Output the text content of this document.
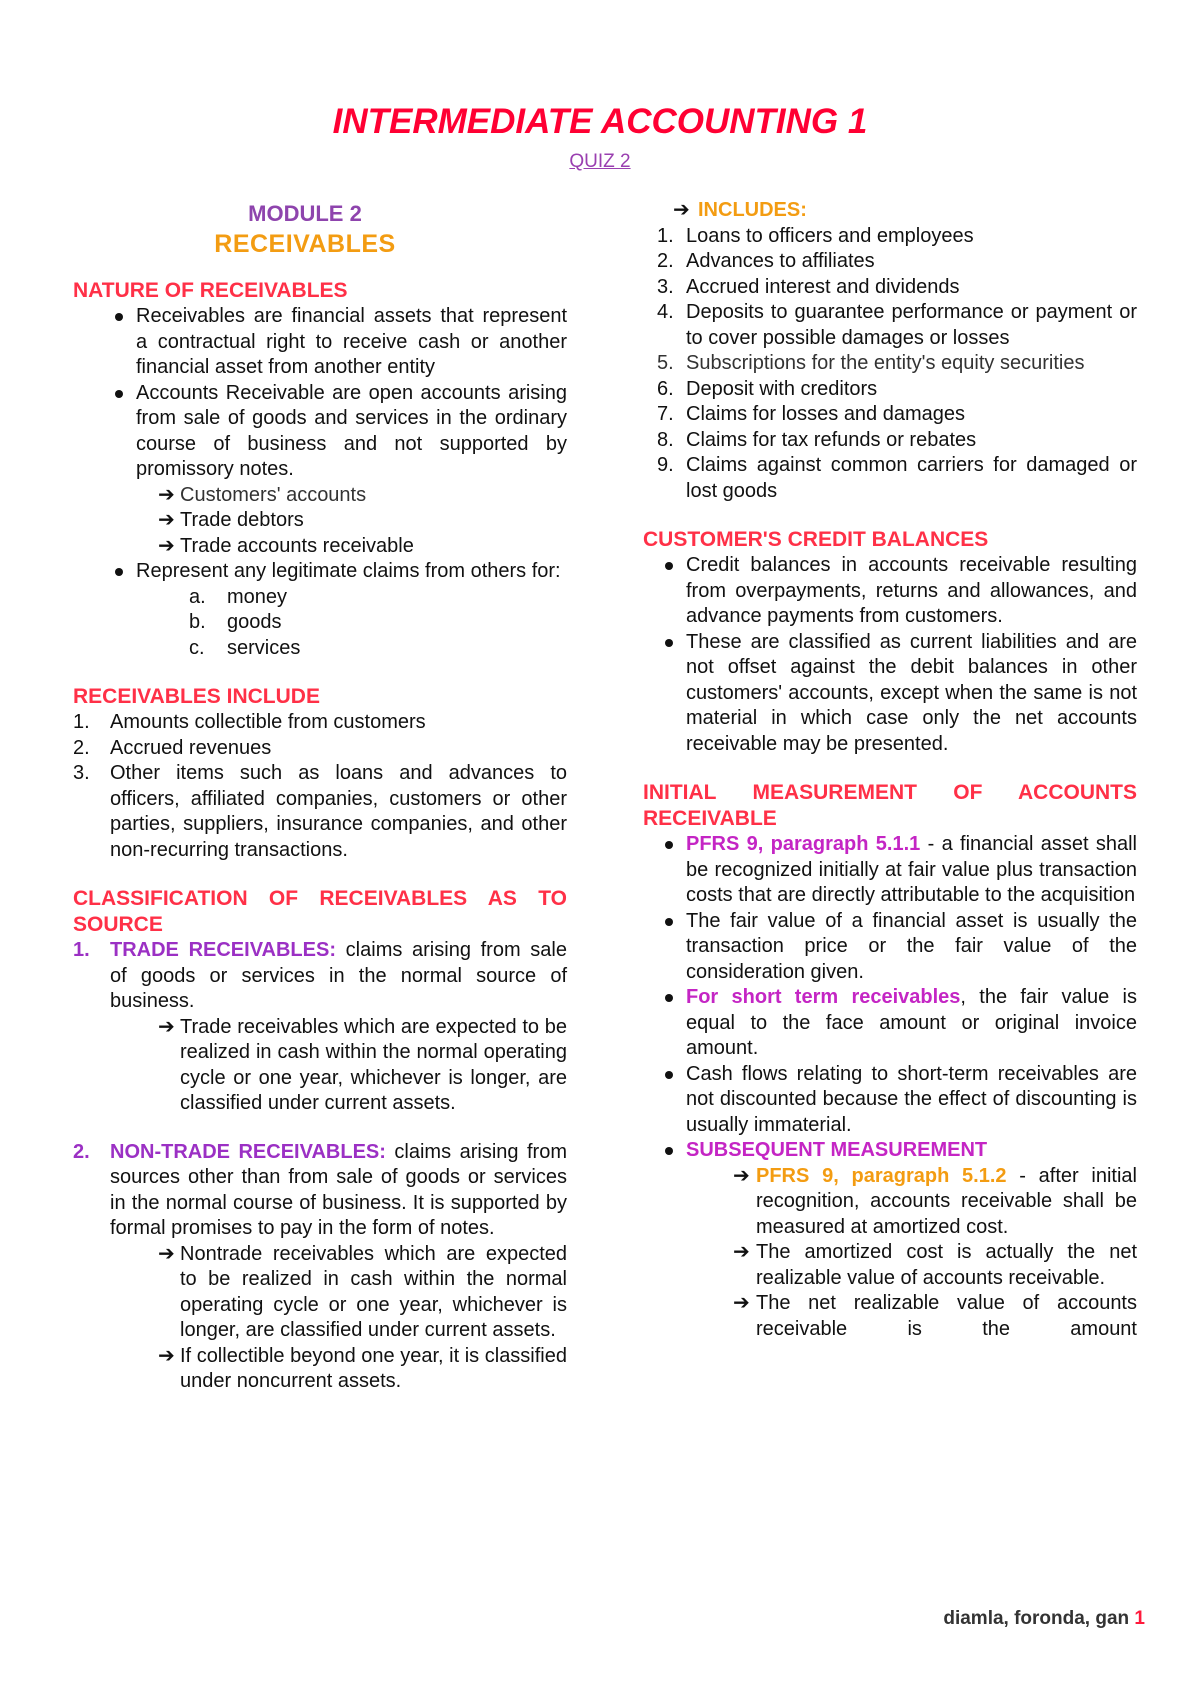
INTERMEDIATE ACCOUNTING 1
QUIZ 2
MODULE 2
RECEIVABLES
NATURE OF RECEIVABLES
Receivables are financial assets that represent a contractual right to receive cash or another financial asset from another entity
Accounts Receivable are open accounts arising from sale of goods and services in the ordinary course of business and not supported by promissory notes.
➔ Customers' accounts
➔ Trade debtors
➔ Trade accounts receivable
Represent any legitimate claims from others for:
a. money
b. goods
c. services
RECEIVABLES INCLUDE
1. Amounts collectible from customers
2. Accrued revenues
3. Other items such as loans and advances to officers, affiliated companies, customers or other parties, suppliers, insurance companies, and other non-recurring transactions.
CLASSIFICATION OF RECEIVABLES AS TO SOURCE
1. TRADE RECEIVABLES: claims arising from sale of goods or services in the normal source of business.
➔ Trade receivables which are expected to be realized in cash within the normal operating cycle or one year, whichever is longer, are classified under current assets.
2. NON-TRADE RECEIVABLES: claims arising from sources other than from sale of goods or services in the normal course of business. It is supported by formal promises to pay in the form of notes.
➔ Nontrade receivables which are expected to be realized in cash within the normal operating cycle or one year, whichever is longer, are classified under current assets.
➔ If collectible beyond one year, it is classified under noncurrent assets.
➔ INCLUDES:
1. Loans to officers and employees
2. Advances to affiliates
3. Accrued interest and dividends
4. Deposits to guarantee performance or payment or to cover possible damages or losses
5. Subscriptions for the entity's equity securities
6. Deposit with creditors
7. Claims for losses and damages
8. Claims for tax refunds or rebates
9. Claims against common carriers for damaged or lost goods
CUSTOMER'S CREDIT BALANCES
Credit balances in accounts receivable resulting from overpayments, returns and allowances, and advance payments from customers.
These are classified as current liabilities and are not offset against the debit balances in other customers' accounts, except when the same is not material in which case only the net accounts receivable may be presented.
INITIAL MEASUREMENT OF ACCOUNTS RECEIVABLE
PFRS 9, paragraph 5.1.1 - a financial asset shall be recognized initially at fair value plus transaction costs that are directly attributable to the acquisition
The fair value of a financial asset is usually the transaction price or the fair value of the consideration given.
For short term receivables, the fair value is equal to the face amount or original invoice amount.
Cash flows relating to short-term receivables are not discounted because the effect of discounting is usually immaterial.
SUBSEQUENT MEASUREMENT
➔ PFRS 9, paragraph 5.1.2 - after initial recognition, accounts receivable shall be measured at amortized cost.
➔ The amortized cost is actually the net realizable value of accounts receivable.
➔ The net realizable value of accounts receivable is the amount
diamla, foronda, gan 1
